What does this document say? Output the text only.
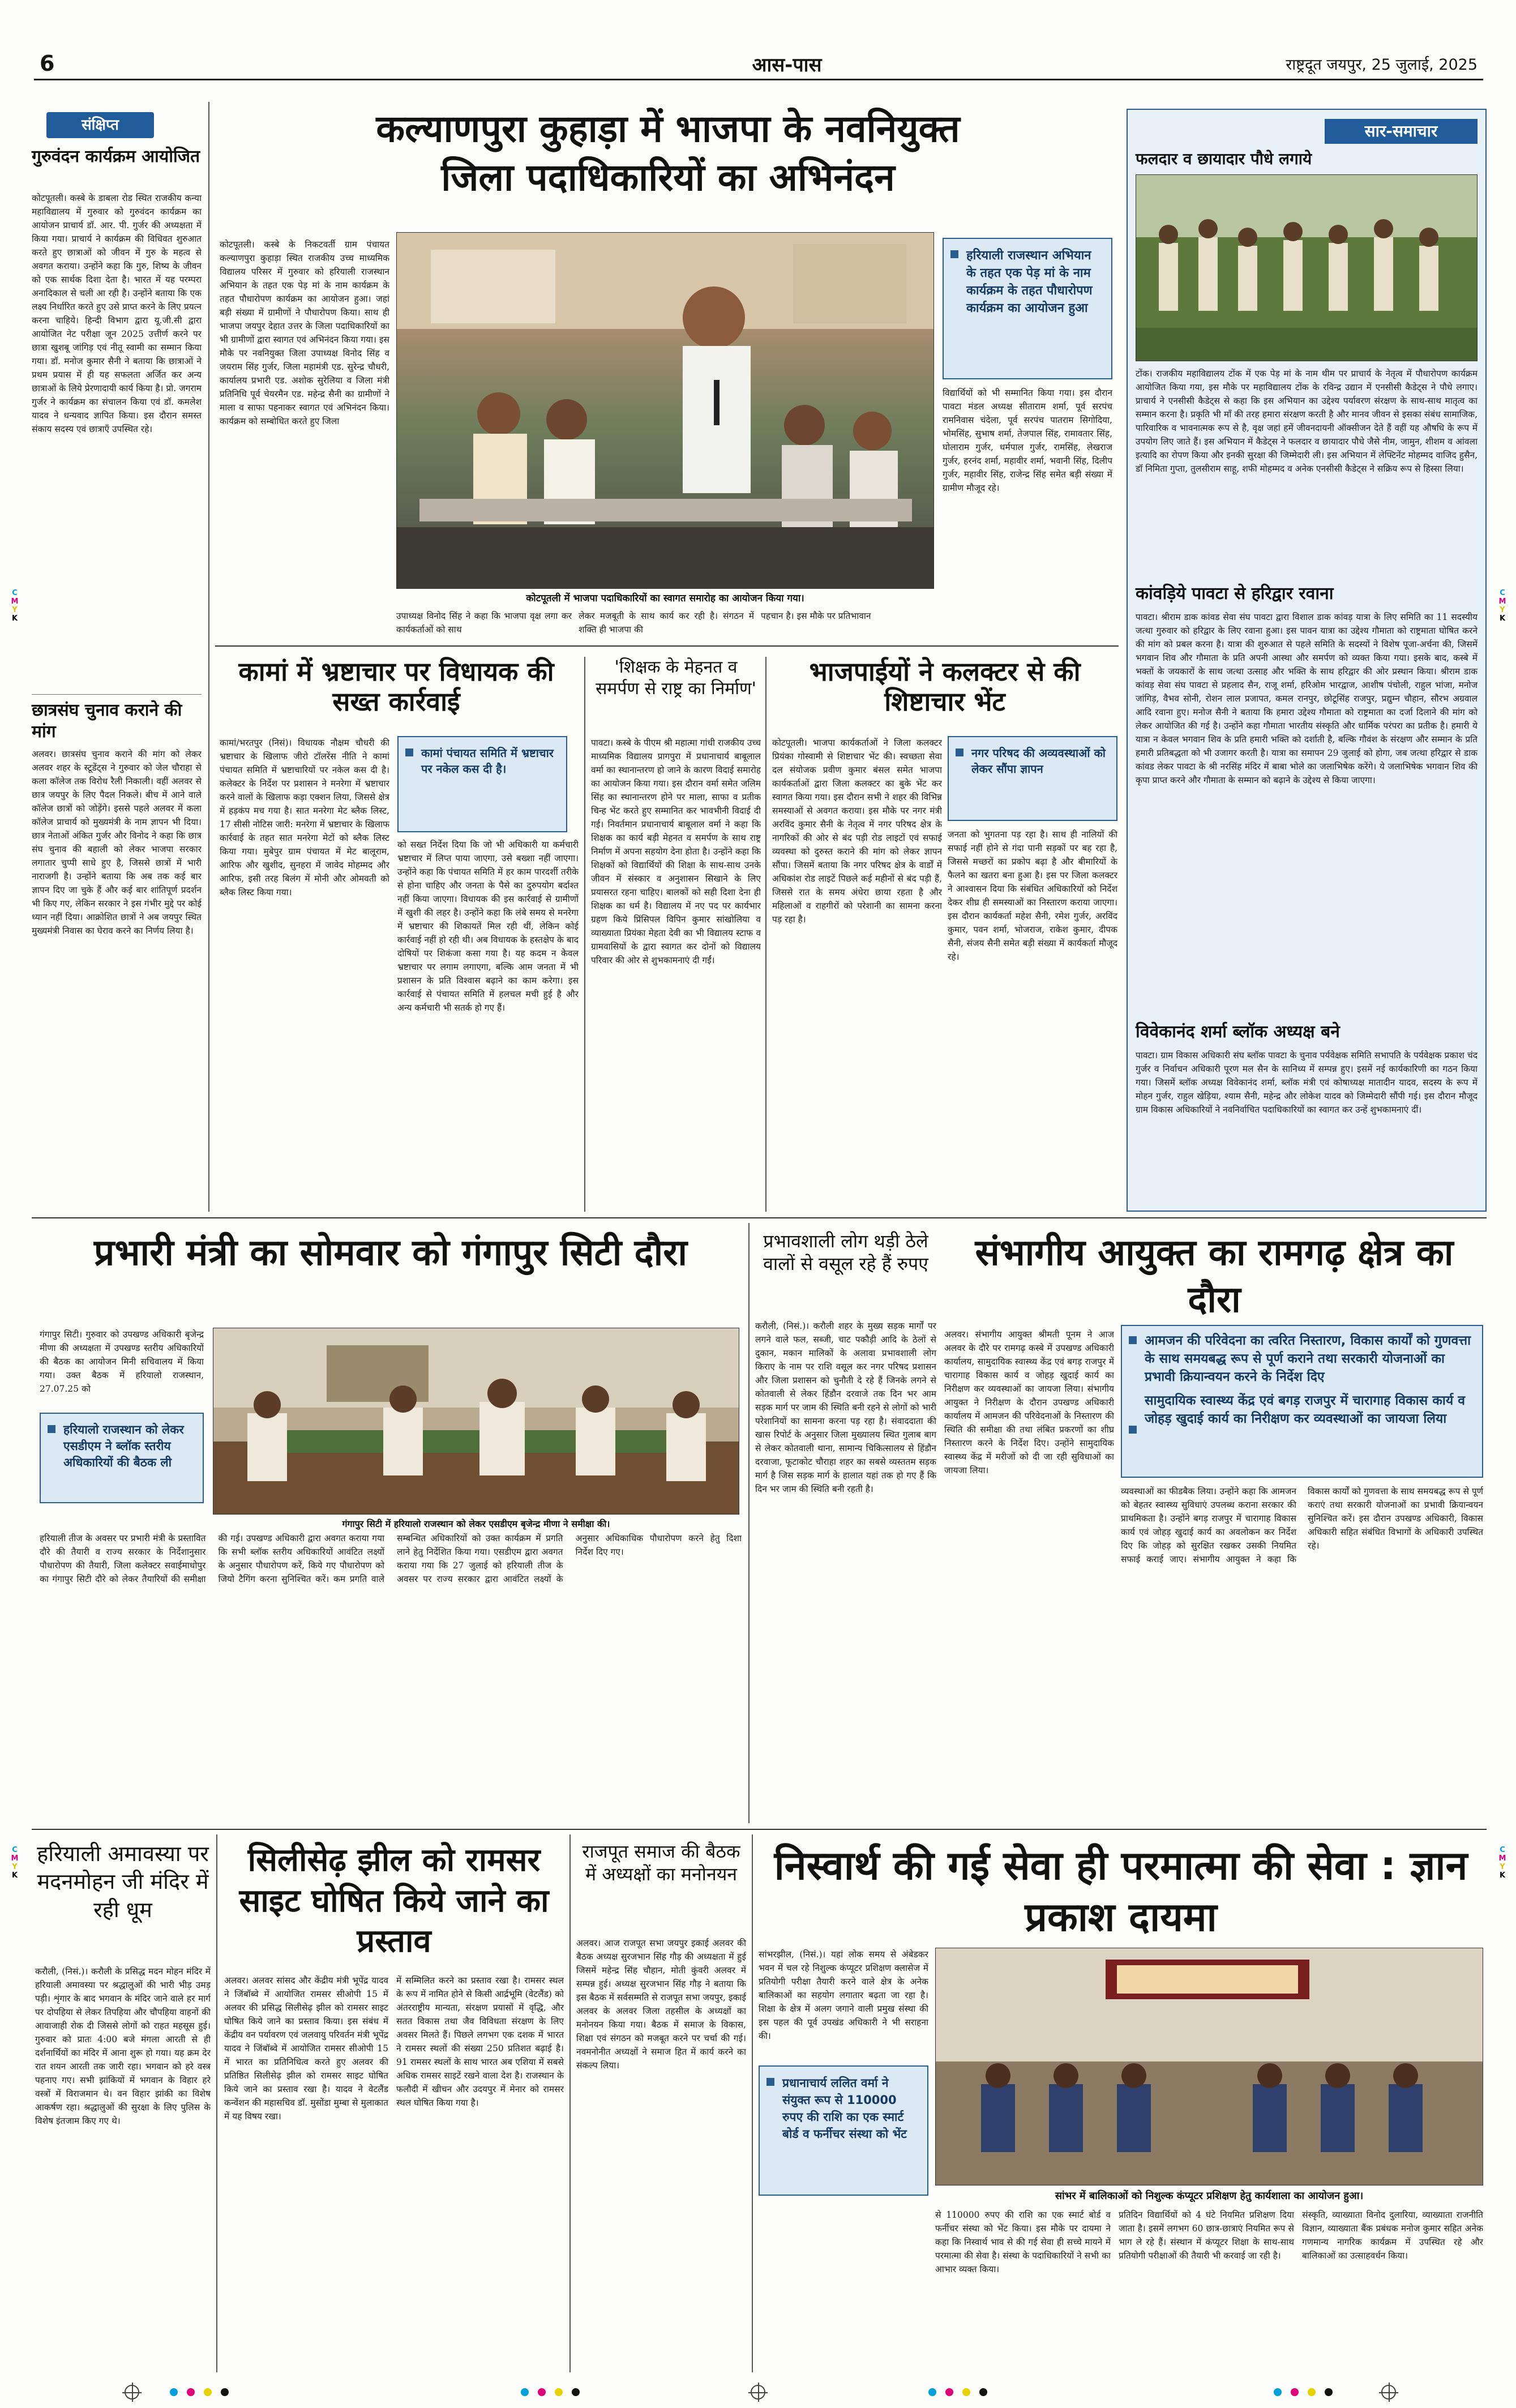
6	आस-पास	राष्ट्रदूत जयपुर, 25 जुलाई, 2025
C
M
Y
K
C
M
Y
K
C
M
Y
K
C
M
Y
K
संक्षिप्त
गुरुवंदन कार्यक्रम आयोजित
कोटपूतली। कस्बे के डाबला रोड स्थित राजकीय कन्या महाविद्यालय में गुरुवार को गुरुवंदन कार्यक्रम का आयोजन प्राचार्य डॉ. आर. पी. गुर्जर की अध्यक्षता में किया गया। प्राचार्य ने कार्यक्रम की विधिवत शुरुआत करते हुए छात्राओं को जीवन में गुरु के महत्व से अवगत कराया। उन्होंने कहा कि गुरु, शिष्य के जीवन को एक सार्थक दिशा देता है। भारत में यह परम्परा अनादिकाल से चली आ रही है। उन्होंने बताया कि एक लक्ष्य निर्धारित करते हुए उसे प्राप्त करने के लिए प्रयत्न करना चाहिये। हिन्दी विभाग द्वारा यू.जी.सी द्वारा आयोजित नेट परीक्षा जून 2025 उत्तीर्ण करने पर छात्रा खुशबू जांगिड़ एवं नीतू स्वामी का सम्मान किया गया। डॉ. मनोज कुमार सैनी ने बताया कि छात्राओं ने प्रथम प्रयास में ही यह सफलता अर्जित कर अन्य छात्राओं के लिये प्रेरणादायी कार्य किया है। प्रो. जगराम गुर्जर ने कार्यक्रम का संचालन किया एवं डॉ. कमलेश यादव ने धन्यवाद ज्ञापित किया। इस दौरान समस्त संकाय सदस्य एवं छात्राएँ उपस्थित रहे।
छात्रसंघ चुनाव कराने की मांग
अलवर। छात्रसंघ चुनाव कराने की मांग को लेकर अलवर शहर के स्टूडेंट्स ने गुरुवार को जेल चौराहा से कला कॉलेज तक विरोध रैली निकाली। वहीं अलवर से छात्र जयपुर के लिए पैदल निकले। बीच में आने वाले कॉलेज छात्रों को जोड़ेंगे। इससे पहले अलवर में कला कॉलेज प्राचार्य को मुख्यमंत्री के नाम ज्ञापन भी दिया। छात्र नेताओं अंकित गुर्जर और विनोद ने कहा कि छात्र संघ चुनाव की बहाली को लेकर भाजपा सरकार लगातार चुप्पी साधे हुए है, जिससे छात्रों में भारी नाराजगी है। उन्होंने बताया कि अब तक कई बार ज्ञापन दिए जा चुके हैं और कई बार शांतिपूर्ण प्रदर्शन भी किए गए, लेकिन सरकार ने इस गंभीर मुद्दे पर कोई ध्यान नहीं दिया। आक्रोशित छात्रों ने अब जयपुर स्थित मुख्यमंत्री निवास का घेराव करने का निर्णय लिया है।
कल्याणपुरा कुहाड़ा में भाजपा के नवनियुक्त
जिला पदाधिकारियों का अभिनंदन
कोटपूतली। कस्बे के निकटवर्ती ग्राम पंचायत कल्याणपुरा कुहाड़ा स्थित राजकीय उच्च माध्यमिक विद्यालय परिसर में गुरुवार को हरियाली राजस्थान अभियान के तहत एक पेड़ मां के नाम कार्यक्रम के तहत पौधारोपण कार्यक्रम का आयोजन हुआ। जहां बड़ी संख्या में ग्रामीणों ने पौधारोपण किया। साथ ही भाजपा जयपुर देहात उत्तर के जिला पदाधिकारियों का भी ग्रामीणों द्वारा स्वागत एवं अभिनंदन किया गया। इस मौके पर नवनियुक्त जिला उपाध्यक्ष विनोद सिंह व जयराम सिंह गुर्जर, जिला महामंत्री एड. सुरेन्द्र चौधरी, कार्यालय प्रभारी एड. अशोक सुरेलिया व जिला मंत्री प्रतिनिधि पूर्व चेयरमैन एड. महेन्द्र सैनी का ग्रामीणों ने माला व साफा पहनाकर स्वागत एवं अभिनंदन किया। कार्यक्रम को सम्बोधित करते हुए जिला
कोटपूतली में भाजपा पदाधिकारियों का स्वागत समारोह का आयोजन किया गया।
हरियाली राजस्थान अभियान के तहत एक पेड़ मां के नाम कार्यक्रम के तहत पौधारोपण कार्यक्रम का आयोजन हुआ
विद्यार्थियों को भी सम्मानित किया गया। इस दौरान पावटा मंडल अध्यक्ष सीताराम शर्मा, पूर्व सरपंच रामनिवास चंदेला, पूर्व सरपंच पातराम सिगोदिया, भोमसिंह, सुभाष शर्मा, तेजपाल सिंह, रामावतार सिंह, घोलाराम गुर्जर, धर्मपाल गुर्जर, रामसिंह, लेखराज गुर्जर, हरनंद शर्मा, महावीर शर्मा, भवानी सिंह, दिलीप गुर्जर, महावीर सिंह, राजेन्द्र सिंह समेत बड़ी संख्या में ग्रामीण मौजूद रहे।
उपाध्यक्ष विनोद सिंह ने कहा कि भाजपा वृक्ष लगा कर कार्यकर्ताओं को साथ
लेकर मजबूती के साथ कार्य कर रही है। संगठन में शक्ति ही भाजपा की
पहचान है। इस मौके पर प्रतिभावान
सार-समाचार
फलदार व छायादार पौधे लगाये
टोंक। राजकीय महाविद्यालय टोंक में एक पेड़ मां के नाम थीम पर प्राचार्य के नेतृत्व में पौधारोपण कार्यक्रम आयोजित किया गया, इस मौके पर महाविद्यालय टोंक के रविन्द्र उद्यान में एनसीसी कैडेट्स ने पौधे लगाए। प्राचार्य ने एनसीसी कैडेट्स से कहा कि इस अभियान का उद्देश्य पर्यावरण संरक्षण के साथ-साथ मातृत्व का सम्मान करना है। प्रकृति भी माँ की तरह हमारा संरक्षण करती है और मानव जीवन से इसका संबंध सामाजिक, पारिवारिक व भावनात्मक रूप से है, वृक्ष जहां हमें जीवनदायनी ऑक्सीजन देते हैं वहीं यह औषधि के रूप में उपयोग लिए जाते हैं। इस अभियान में कैडेट्स ने फलदार व छायादार पौधे जैसे नीम, जामुन, शीशम व आंवला इत्यादि का रोपण किया और इनकी सुरक्षा की जिम्मेदारी ली। इस अभियान में लेफ्टिनेंट मोहम्मद वाजिद हुसैन, डॉ निमिता गुप्ता, तुलसीराम साहू, शफी मोहम्मद व अनेक एनसीसी कैडेट्स ने सक्रिय रूप से हिस्सा लिया।
कांवड़िये पावटा से हरिद्वार रवाना
पावटा। श्रीराम डाक कांवड सेवा संघ पावटा द्वारा विशाल डाक कांवड़ यात्रा के लिए समिति का 11 सदस्यीय जत्था गुरुवार को हरिद्वार के लिए रवाना हुआ। इस पावन यात्रा का उद्देश्य गौमाता को राष्ट्रमाता घोषित करने की मांग को प्रबल करना है। यात्रा की शुरुआत से पहले समिति के सदस्यों ने विशेष पूजा-अर्चना की, जिसमें भगवान शिव और गौमाता के प्रति अपनी आस्था और समर्पण को व्यक्त किया गया। इसके बाद, कस्बे में भक्तों के जयकारों के साथ जत्था उत्साह और भक्ति के साथ हरिद्वार की ओर प्रस्थान किया। श्रीराम डाक कांवड़ सेवा संघ पावटा से प्रहलाद सैन, राजू शर्मा, हरिओम भारद्वाज, आशीष पंचोली, राहुल भांजा, मनोज जांगिड़, वैभव सोनी, रोशन लाल प्रजापत, कमल रानपुर, छोटूसिंह राजपुर, प्रद्युम्न चौहान, सौरभ अग्रवाल आदि रवाना हुए। मनोज सैनी ने बताया कि हमारा उद्देश्य गौमाता को राष्ट्रमाता का दर्जा दिलाने की मांग को लेकर आयोजित की गई है। उन्होंने कहा गौमाता भारतीय संस्कृति और धार्मिक परंपरा का प्रतीक है। हमारी ये यात्रा न केवल भगवान शिव के प्रति हमारी भक्ति को दर्शाती है, बल्कि गौवंश के संरक्षण और सम्मान के प्रति हमारी प्रतिबद्धता को भी उजागर करती है। यात्रा का समापन 29 जुलाई को होगा, जब जत्था हरिद्वार से डाक कांवड लेकर पावटा के श्री नरसिंह मंदिर में बाबा भोले का जलाभिषेक करेंगे। ये जलाभिषेक भगवान शिव की कृपा प्राप्त करने और गौमाता के सम्मान को बढ़ाने के उद्देश्य से किया जाएगा।
विवेकानंद शर्मा ब्लॉक अध्यक्ष बने
पावटा। ग्राम विकास अधिकारी संघ ब्लॉक पावटा के चुनाव पर्यवेक्षक समिति सभापति के पर्यवेक्षक प्रकाश चंद गुर्जर व निर्वाचन अधिकारी पूरण मल सैन के सानिध्य में सम्पन्न हुए। इसमें नई कार्यकारिणी का गठन किया गया। जिसमें ब्लॉक अध्यक्ष विवेकानंद शर्मा, ब्लॉक मंत्री एवं कोषाध्यक्ष मातादीन यादव, सदस्य के रूप में मोहन गुर्जर, राहुल खेड़िया, श्याम सैनी, महेन्द्र और लोकेश यादव को जिम्मेदारी सौंपी गई। इस दौरान मौजूद ग्राम विकास अधिकारियों ने नवनिर्वाचित पदाधिकारियों का स्वागत कर उन्हें शुभकामनाएं दीं।
कामां में भ्रष्टाचार पर विधायक की सख्त कार्रवाई
कामां/भरतपुर (निसं)। विधायक नौक्षम चौधरी की भ्रष्टाचार के खिलाफ जीरो टॉलरेंस नीति ने कामां पंचायत समिति में भ्रष्टाचारियों पर नकेल कस दी है। कलेक्टर के निर्देश पर प्रशासन ने मनरेगा में भ्रष्टाचार करने वालों के खिलाफ कड़ा एक्शन लिया, जिससे क्षेत्र में हड़कंप मच गया है। सात मनरेगा मेट ब्लैक लिस्ट, 17 सीसी नोटिस जारी: मनरेगा में भ्रष्टाचार के खिलाफ कार्रवाई के तहत सात मनरेगा मेटों को ब्लैक लिस्ट किया गया। मुबेपुर ग्राम पंचायत में मेट बालूराम, आरिफ और खुशीद, सुनहरा में जावेद मोहम्मद और आरिफ, इसी तरह बिलंग में मोनी और ओमवती को ब्लैक लिस्ट किया गया।
कामां पंचायत समिति में भ्रष्टाचार पर नकेल कस दी है।
को सख्त निर्देश दिया कि जो भी अधिकारी या कर्मचारी भ्रष्टाचार में लिप्त पाया जाएगा, उसे बख्शा नहीं जाएगा। उन्होंने कहा कि पंचायत समिति में हर काम पारदर्शी तरीके से होना चाहिए और जनता के पैसे का दुरुपयोग बर्दाश्त नहीं किया जाएगा। विधायक की इस कार्रवाई से ग्रामीणों में खुशी की लहर है। उन्होंने कहा कि लंबे समय से मनरेगा में भ्रष्टाचार की शिकायतें मिल रही थीं, लेकिन कोई कार्रवाई नहीं हो रही थी। अब विधायक के हस्तक्षेप के बाद दोषियों पर शिकंजा कसा गया है। यह कदम न केवल भ्रष्टाचार पर लगाम लगाएगा, बल्कि आम जनता में भी प्रशासन के प्रति विश्वास बढ़ाने का काम करेगा। इस कार्रवाई से पंचायत समिति में हलचल मची हुई है और अन्य कर्मचारी भी सतर्क हो गए हैं।
'शिक्षक के मेहनत व समर्पण से राष्ट्र का निर्माण'
पावटा। कस्बे के पीएम श्री महात्मा गांधी राजकीय उच्च माध्यमिक विद्यालय प्रागपुरा में प्रधानाचार्य बाबूलाल वर्मा का स्थानान्तरण हो जाने के कारण विदाई समारोह का आयोजन किया गया। इस दौरान वर्मा समेत जलिम सिंह का स्थानान्तरण होने पर माला, साफा व प्रतीक चिन्ह भेंट करते हुए सम्मानित कर भावभीनी विदाई दी गई। निवर्तमान प्रधानाचार्य बाबूलाल वर्मा ने कहा कि शिक्षक का कार्य बड़ी मेहनत व समर्पण के साथ राष्ट्र निर्माण में अपना सहयोग देना होता है। उन्होंने कहा कि शिक्षकों को विद्यार्थियों की शिक्षा के साथ-साथ उनके जीवन में संस्कार व अनुशासन सिखाने के लिए प्रयासरत रहना चाहिए। बालकों को सही दिशा देना ही शिक्षक का धर्म है। विद्यालय में नए पद पर कार्यभार ग्रहण किये प्रिंसिपल विपिन कुमार सांखोलिया व व्याख्याता प्रियंका मेहता देवी का भी विद्यालय स्टाफ व ग्रामवासियों के द्वारा स्वागत कर दोनों को विद्यालय परिवार की ओर से शुभकामनाएं दी गईं।
भाजपाईयों ने कलक्टर से की शिष्टाचार भेंट
कोटपूतली। भाजपा कार्यकर्ताओं ने जिला कलक्टर प्रियंका गोस्वामी से शिष्टाचार भेंट की। स्वच्छता सेवा दल संयोजक प्रवीण कुमार बंसल समेत भाजपा कार्यकर्ताओं द्वारा जिला कलक्टर का बुके भेंट कर स्वागत किया गया। इस दौरान सभी ने शहर की विभिन्न समस्याओं से अवगत कराया। इस मौके पर नगर मंत्री अरविंद कुमार सैनी के नेतृत्व में नगर परिषद क्षेत्र के नागरिकों की ओर से बंद पड़ी रोड लाइटों एवं सफाई व्यवस्था को दुरुस्त कराने की मांग को लेकर ज्ञापन सौंपा। जिसमें बताया कि नगर परिषद क्षेत्र के वार्डों में अधिकांश रोड लाइटें पिछले कई महीनों से बंद पड़ी हैं, जिससे रात के समय अंधेरा छाया रहता है और महिलाओं व राहगीरों को परेशानी का सामना करना पड़ रहा है।
नगर परिषद की अव्यवस्थाओं को लेकर सौंपा ज्ञापन
जनता को भुगतना पड़ रहा है। साथ ही नालियों की सफाई नहीं होने से गंदा पानी सड़कों पर बह रहा है, जिससे मच्छरों का प्रकोप बढ़ा है और बीमारियों के फैलने का खतरा बना हुआ है। इस पर जिला कलक्टर ने आश्वासन दिया कि संबंधित अधिकारियों को निर्देश देकर शीघ्र ही समस्याओं का निस्तारण कराया जाएगा। इस दौरान कार्यकर्ता महेश सैनी, रमेश गुर्जर, अरविंद कुमार, पवन शर्मा, भोजराज, राकेश कुमार, दीपक सैनी, संजय सैनी समेत बड़ी संख्या में कार्यकर्ता मौजूद रहे।
प्रभारी मंत्री का सोमवार को गंगापुर सिटी दौरा
गंगापुर सिटी। गुरुवार को उपखण्ड अधिकारी बृजेन्द्र मीणा की अध्यक्षता में उपखण्ड स्तरीय अधिकारियों की बैठक का आयोजन मिनी सचिवालय में किया गया। उक्त बैठक में हरियालो राजस्थान, 27.07.25 को
हरियालो राजस्थान को लेकर एसडीएम ने ब्लॉक स्तरीय अधिकारियों की बैठक ली
गंगापुर सिटी में हरियालो राजस्थान को लेकर एसडीएम बृजेन्द्र मीणा ने समीक्षा की।
हरियाली तीज के अवसर पर प्रभारी मंत्री के प्रस्तावित दौरे की तैयारी व राज्य सरकार के निर्देशानुसार पौधारोपण की तैयारी, जिला कलेक्टर सवाईमाधोपुर का गंगापुर सिटी दौरे को लेकर तैयारियों की समीक्षा की गई। उपखण्ड अधिकारी द्वारा अवगत कराया गया कि सभी ब्लॉक स्तरीय अधिकारियों आवंटित लक्ष्यों के अनुसार पौधारोपण करें, किये गए पौधारोपण को जियो टैगिंग करना सुनिश्चित करें। कम प्रगति वाले सम्बन्धित अधिकारियों को उक्त कार्यक्रम में प्रगति लाने हेतु निर्देशित किया गया। एसडीएम द्वारा अवगत कराया गया कि 27 जुलाई को हरियाली तीज के अवसर पर राज्य सरकार द्वारा आवंटित लक्ष्यों के अनुसार अधिकाधिक पौधारोपण करने हेतु दिशा निर्देश दिए गए।
प्रभावशाली लोग थड़ी ठेले वालों से वसूल रहे हैं रुपए
करौली, (निसं.)। करौली शहर के मुख्य सड़क मार्गों पर लगने वाले फल, सब्जी, चाट पकौड़ी आदि के ठेलों से दुकान, मकान मालिकों के अलावा प्रभावशाली लोग किराए के नाम पर राशि वसूल कर नगर परिषद प्रशासन और जिला प्रशासन को चुनौती दे रहे हैं जिनके लगने से कोतवाली से लेकर हिंडौन दरवाजे तक दिन भर आम सड़क मार्ग पर जाम की स्थिति बनी रहने से लोगों को भारी परेशानियों का सामना करना पड़ रहा है। संवाददाता की खास रिपोर्ट के अनुसार जिला मुख्यालय स्थित गुलाब बाग से लेकर कोतवाली थाना, सामान्य चिकित्सालय से हिंडौन दरवाजा, फूटाकोट चौराहा शहर का सबसे व्यस्ततम सड़क मार्ग है जिस सड़क मार्ग के हालात यहां तक हो गए हैं कि दिन भर जाम की स्थिति बनी रहती है।
संभागीय आयुक्त का रामगढ़ क्षेत्र का दौरा
अलवर। संभागीय आयुक्त श्रीमती पूनम ने आज अलवर के दौरे पर रामगढ़ कस्बे में उपखण्ड अधिकारी कार्यालय, सामुदायिक स्वास्थ्य केंद्र एवं बगड़ राजपुर में चारागाह विकास कार्य व जोहड़ खुदाई कार्य का निरीक्षण कर व्यवस्थाओं का जायजा लिया। संभागीय आयुक्त ने निरीक्षण के दौरान उपखण्ड अधिकारी कार्यालय में आमजन की परिवेदनाओं के निस्तारण की स्थिति की समीक्षा की तथा लंबित प्रकरणों का शीघ्र निस्तारण करने के निर्देश दिए। उन्होंने सामुदायिक स्वास्थ्य केंद्र में मरीजों को दी जा रही सुविधाओं का जायजा लिया।
आमजन की परिवेदना का त्वरित निस्तारण, विकास कार्यों को गुणवत्ता के साथ समयबद्ध रूप से पूर्ण कराने तथा सरकारी योजनाओं का प्रभावी क्रियान्वयन करने के निर्देश दिए
सामुदायिक स्वास्थ्य केंद्र एवं बगड़ राजपुर में चारागाह विकास कार्य व जोहड़ खुदाई कार्य का निरीक्षण कर व्यवस्थाओं का जायजा लिया
व्यवस्थाओं का फीडबैक लिया। उन्होंने कहा कि आमजन को बेहतर स्वास्थ्य सुविधाएं उपलब्ध कराना सरकार की प्राथमिकता है। उन्होंने बगड़ राजपुर में चारागाह विकास कार्य एवं जोहड़ खुदाई कार्य का अवलोकन कर निर्देश दिए कि जोहड़ को सुरक्षित रखकर उसकी नियमित सफाई कराई जाए। संभागीय आयुक्त ने कहा कि विकास कार्यों को गुणवत्ता के साथ समयबद्ध रूप से पूर्ण कराएं तथा सरकारी योजनाओं का प्रभावी क्रियान्वयन सुनिश्चित करें। इस दौरान उपखण्ड अधिकारी, विकास अधिकारी सहित संबंधित विभागों के अधिकारी उपस्थित रहे।
हरियाली अमावस्या पर मदनमोहन जी मंदिर में रही धूम
करौली, (निसं.)। करौली के प्रसिद्ध मदन मोहन मंदिर में हरियाली अमावस्या पर श्रद्धालुओं की भारी भीड़ उमड़ पड़ी। शृंगार के बाद भगवान के मंदिर जाने वाले हर मार्ग पर दोपहिया से लेकर तिपहिया और चौपहिया वाहनों की आवाजाही रोक दी जिससे लोगों को राहत महसूस हुई। गुरुवार को प्रातः 4:00 बजे मंगला आरती से ही दर्शनार्थियों का मंदिर में आना शुरू हो गया। यह क्रम देर रात शयन आरती तक जारी रहा। भगवान को हरे वस्त्र पहनाए गए। सभी झांकियों में भगवान के विहार हरे वस्त्रों में विराजमान थे। वन विहार झांकी का विशेष आकर्षण रहा। श्रद्धालुओं की सुरक्षा के लिए पुलिस के विशेष इंतजाम किए गए थे।
सिलीसेढ़ झील को रामसर साइट घोषित किये जाने का प्रस्ताव
अलवर। अलवर सांसद और केंद्रीय मंत्री भूपेंद्र यादव ने जिंबॉब्वे में आयोजित रामसर सीओपी 15 में अलवर की प्रसिद्ध सिलीसेढ़ झील को रामसर साइट घोषित किये जाने का प्रस्ताव किया। इस संबंध में केंद्रीय वन पर्यावरण एवं जलवायु परिवर्तन मंत्री भूपेंद्र यादव ने जिंबॉब्वे में आयोजित रामसर सीओपी 15 में भारत का प्रतिनिधित्व करते हुए अलवर की प्रतिष्ठित सिलीसेढ़ झील को रामसर साइट घोषित किये जाने का प्रस्ताव रखा है। यादव ने वेटलैंड कन्वेंशन की महासचिव डॉ. मुसोंडा मुम्बा से मुलाकात में यह विषय रखा।
में सम्मिलित करने का प्रस्ताव रखा है। रामसर स्थल के रूप में नामित होने से किसी आर्द्रभूमि (वेटलैंड) को अंतरराष्ट्रीय मान्यता, संरक्षण प्रयासों में वृद्धि, और सतत विकास तथा जैव विविधता संरक्षण के लिए अवसर मिलते हैं। पिछले लगभग एक दशक में भारत ने रामसर स्थलों की संख्या 250 प्रतिशत बढ़ाई है। 91 रामसर स्थलों के साथ भारत अब एशिया में सबसे अधिक रामसर साइटें रखने वाला देश है। राजस्थान के फलौदी में खीचन और उदयपुर में मेनार को रामसर स्थल घोषित किया गया है।
राजपूत समाज की बैठक में अध्यक्षों का मनोनयन
अलवर। आज राजपूत सभा जयपुर इकाई अलवर की बैठक अध्यक्ष सुरजभान सिंह गौड़ की अध्यक्षता में हुई जिसमें महेन्द्र सिंह चौहान, मोती कुंवरी अलवर में सम्पन्न हुई। अध्यक्ष सुरजभान सिंह गौड़ ने बताया कि इस बैठक में सर्वसम्मति से राजपूत सभा जयपुर, इकाई अलवर के अलवर जिला तहसील के अध्यक्षों का मनोनयन किया गया। बैठक में समाज के विकास, शिक्षा एवं संगठन को मजबूत करने पर चर्चा की गई। नवमनोनीत अध्यक्षों ने समाज हित में कार्य करने का संकल्प लिया।
निस्वार्थ की गई सेवा ही परमात्मा की सेवा : ज्ञान प्रकाश दायमा
सांभरझील, (निसं.)। यहां लोक समय से अंबेडकर भवन में चल रहे निशुल्क कंप्यूटर प्रशिक्षण क्लासेज में प्रतियोगी परीक्षा तैयारी करने वाले क्षेत्र के अनेक बालिकाओं का सहयोग लगातार बढ़ता जा रहा है। शिक्षा के क्षेत्र में अलग जगाने वाली प्रमुख संस्था की इस पहल की पूर्व उपखंड अधिकारी ने भी सराहना की।
प्रधानाचार्य ललित वर्मा ने संयुक्त रूप से 110000 रुपए की राशि का एक स्मार्ट बोर्ड व फर्नीचर संस्था को भेंट
सांभर में बालिकाओं को निशुल्क कंप्यूटर प्रशिक्षण हेतु कार्यशाला का आयोजन हुआ।
से 110000 रुपए की राशि का एक स्मार्ट बोर्ड व फर्नीचर संस्था को भेंट किया। इस मौके पर दायमा ने कहा कि निस्वार्थ भाव से की गई सेवा ही सच्चे मायने में परमात्मा की सेवा है। संस्था के पदाधिकारियों ने सभी का आभार व्यक्त किया।
प्रतिदिन विद्यार्थियों को 4 घंटे नियमित प्रशिक्षण दिया जाता है। इसमें लगभग 60 छात्र-छात्राएं नियमित रूप से भाग ले रहे हैं। संस्थान में कंप्यूटर शिक्षा के साथ-साथ प्रतियोगी परीक्षाओं की तैयारी भी करवाई जा रही है।
संस्कृति, व्याख्याता विनोद दुलारिया, व्याख्याता राजनीति विज्ञान, व्याख्याता बैंक प्रबंधक मनोज कुमार सहित अनेक गणमान्य नागरिक कार्यक्रम में उपस्थित रहे और बालिकाओं का उत्साहवर्धन किया।
